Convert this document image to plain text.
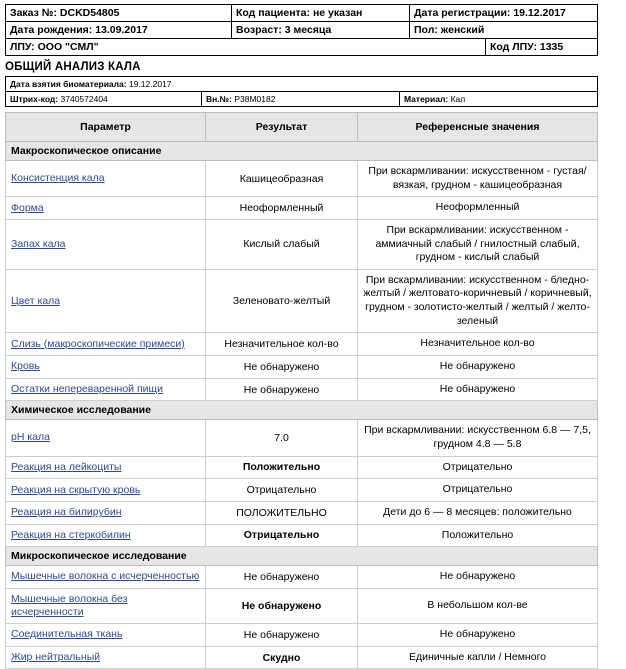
Заказ №: DCKD54805	Код пациента: не указан	Дата регистрации: 19.12.2017
Дата рождения: 13.09.2017	Возраст: 3 месяца	Пол: женский
ЛПУ: ООО "СМЛ"	Код ЛПУ: 1335
ОБЩИЙ АНАЛИЗ КАЛА
Дата взятия биоматериала: 19.12.2017
Штрих-код: 3740572404	Вн.№: Р38М0182	Материал: Кал
Параметр	Результат	Референсные значения
Макроскопическое описание		
Консистенция кала	Кашицеобразная	При вскармливании: искусственном - густая/вязкая, грудном - кашицеобразная
Форма	Неоформленный	Неоформленный
Запах кала	Кислый слабый	При вскармливании: искусственном - аммиачный слабый / гнилостный слабый, грудном - кислый слабый
Цвет кала	Зеленовато-желтый	При вскармливании: искусственном - бледно-желтый / желтовато-коричневый / коричневый, грудном - золотисто-желтый / желтый / желто-зеленый
Слизь (макроскопические примеси)	Незначительное кол-во	Незначительное кол-во
Кровь	Не обнаружено	Не обнаружено
Остатки непереваренной пищи	Не обнаружено	Не обнаружено
Химическое исследование		
рН кала	7.0	При вскармливании: искусственном 6.8 — 7,5, грудном 4.8 — 5.8
Реакция на лейкоциты	Положительно	Отрицательно
Реакция на скрытую кровь	Отрицательно	Отрицательно
Реакция на билирубин	ПОЛОЖИТЕЛЬНО	Дети до 6 — 8 месяцев: положительно
Реакция на стеркобилин	Отрицательно	Положительно
Микроскопическое исследование		
Мышечные волокна с исчерченностью	Не обнаружено	Не обнаружено
Мышечные волокна без исчерченности	Не обнаружено	В небольшом кол-ве
Соединительная ткань	Не обнаружено	Не обнаружено
Жир нейтральный	Скудно	Единичные капли / Немного
